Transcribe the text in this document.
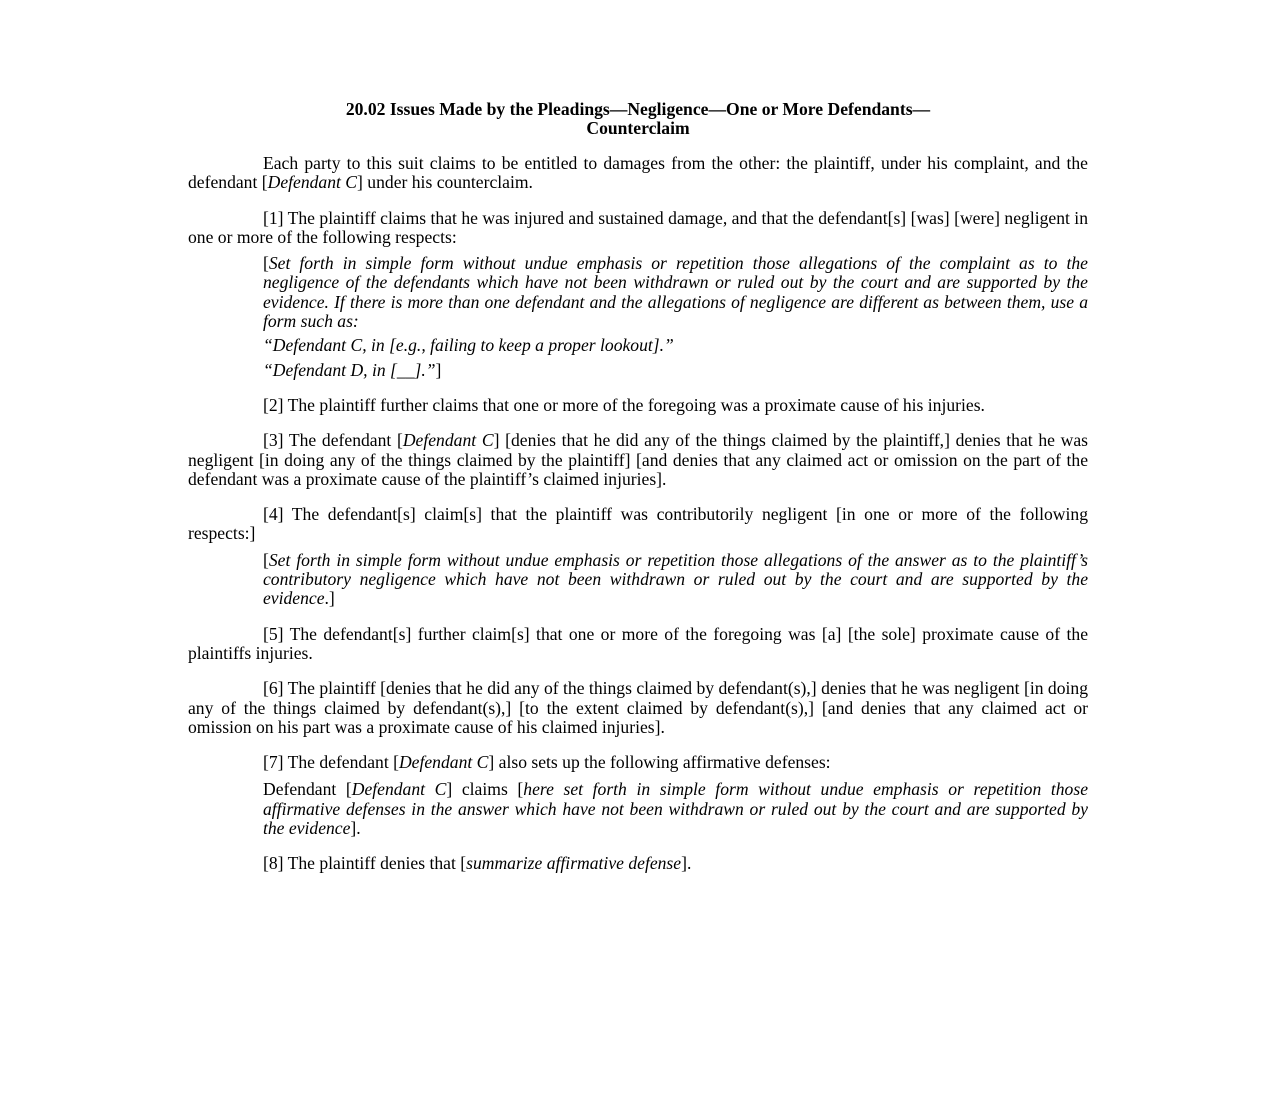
20.02 Issues Made by the Pleadings—Negligence—One or More Defendants—
Counterclaim

Each party to this suit claims to be entitled to damages from the other: the plaintiff, under his complaint, and the defendant [Defendant C] under his counterclaim.

[1] The plaintiff claims that he was injured and sustained damage, and that the defendant[s] [was] [were] negligent in one or more of the following respects:

[Set forth in simple form without undue emphasis or repetition those allegations of the complaint as to the negligence of the defendants which have not been withdrawn or ruled out by the court and are supported by the evidence. If there is more than one defendant and the allegations of negligence are different as between them, use a form such as:

“Defendant C, in [e.g., failing to keep a proper lookout].”

“Defendant D, in [__].”]

[2] The plaintiff further claims that one or more of the foregoing was a proximate cause of his injuries.

[3] The defendant [Defendant C] [denies that he did any of the things claimed by the plaintiff,] denies that he was negligent [in doing any of the things claimed by the plaintiff] [and denies that any claimed act or omission on the part of the defendant was a proximate cause of the plaintiff’s claimed injuries].

[4] The defendant[s] claim[s] that the plaintiff was contributorily negligent [in one or more of the following respects:]

[Set forth in simple form without undue emphasis or repetition those allegations of the answer as to the plaintiff’s contributory negligence which have not been withdrawn or ruled out by the court and are supported by the evidence.]

[5] The defendant[s] further claim[s] that one or more of the foregoing was [a] [the sole] proximate cause of the plaintiffs injuries.

[6] The plaintiff [denies that he did any of the things claimed by defendant(s),] denies that he was negligent [in doing any of the things claimed by defendant(s),] [to the extent claimed by defendant(s),] [and denies that any claimed act or omission on his part was a proximate cause of his claimed injuries].

[7] The defendant [Defendant C] also sets up the following affirmative defenses:

Defendant [Defendant C] claims [here set forth in simple form without undue emphasis or repetition those affirmative defenses in the answer which have not been withdrawn or ruled out by the court and are supported by the evidence].

[8] The plaintiff denies that [summarize affirmative defense].
